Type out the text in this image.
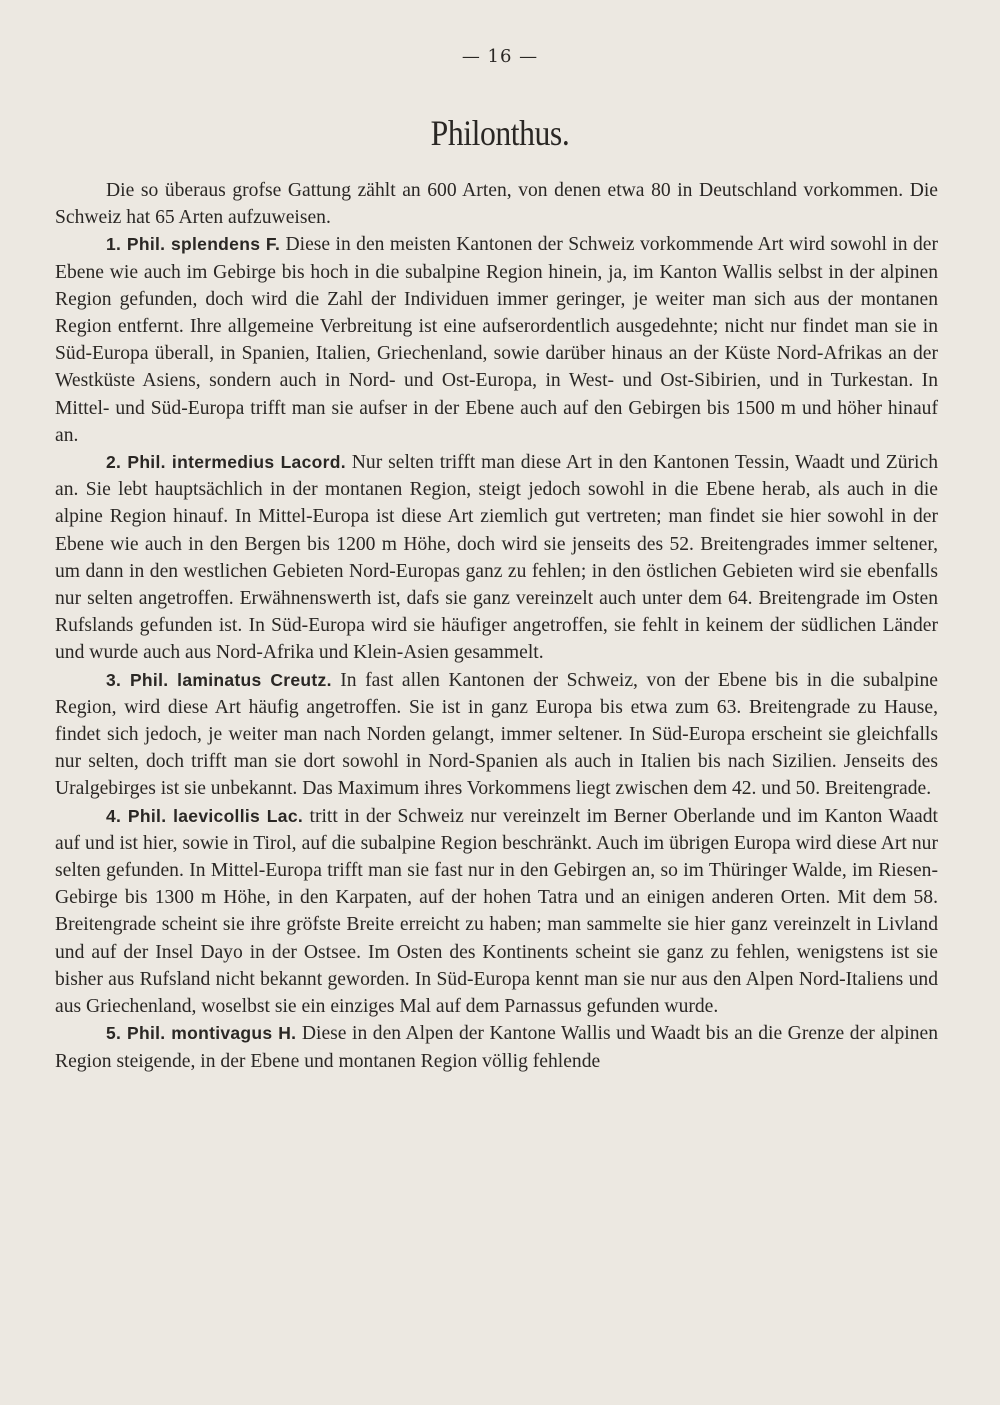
— 16 —
Philonthus.

Die so überaus grofse Gattung zählt an 600 Arten, von denen etwa 80 in Deutschland vorkommen. Die Schweiz hat 65 Arten aufzuweisen.

1. Phil. splendens F. Diese in den meisten Kantonen der Schweiz vorkommende Art wird sowohl in der Ebene wie auch im Gebirge bis hoch in die subalpine Region hinein, ja, im Kanton Wallis selbst in der alpinen Region gefunden, doch wird die Zahl der Individuen immer geringer, je weiter man sich aus der montanen Region entfernt. Ihre allgemeine Verbreitung ist eine aufserordentlich ausgedehnte; nicht nur findet man sie in Süd-Europa überall, in Spanien, Italien, Griechenland, sowie darüber hinaus an der Küste Nord-Afrikas an der Westküste Asiens, sondern auch in Nord- und Ost-Europa, in West- und Ost-Sibirien, und in Turkestan. In Mittel- und Süd-Europa trifft man sie aufser in der Ebene auch auf den Gebirgen bis 1500 m und höher hinauf an.

2. Phil. intermedius Lacord. Nur selten trifft man diese Art in den Kantonen Tessin, Waadt und Zürich an. Sie lebt hauptsächlich in der montanen Region, steigt jedoch sowohl in die Ebene herab, als auch in die alpine Region hinauf. In Mittel-Europa ist diese Art ziemlich gut vertreten; man findet sie hier sowohl in der Ebene wie auch in den Bergen bis 1200 m Höhe, doch wird sie jenseits des 52. Breitengrades immer seltener, um dann in den westlichen Gebieten Nord-Europas ganz zu fehlen; in den östlichen Gebieten wird sie ebenfalls nur selten angetroffen. Erwähnenswerth ist, dafs sie ganz vereinzelt auch unter dem 64. Breitengrade im Osten Rufslands gefunden ist. In Süd-Europa wird sie häufiger angetroffen, sie fehlt in keinem der südlichen Länder und wurde auch aus Nord-Afrika und Klein-Asien gesammelt.

3. Phil. laminatus Creutz. In fast allen Kantonen der Schweiz, von der Ebene bis in die subalpine Region, wird diese Art häufig angetroffen. Sie ist in ganz Europa bis etwa zum 63. Breitengrade zu Hause, findet sich jedoch, je weiter man nach Norden gelangt, immer seltener. In Süd-Europa erscheint sie gleichfalls nur selten, doch trifft man sie dort sowohl in Nord-Spanien als auch in Italien bis nach Sizilien. Jenseits des Uralgebirges ist sie unbekannt. Das Maximum ihres Vorkommens liegt zwischen dem 42. und 50. Breitengrade.

4. Phil. laevicollis Lac. tritt in der Schweiz nur vereinzelt im Berner Oberlande und im Kanton Waadt auf und ist hier, sowie in Tirol, auf die subalpine Region beschränkt. Auch im übrigen Europa wird diese Art nur selten gefunden. In Mittel-Europa trifft man sie fast nur in den Gebirgen an, so im Thüringer Walde, im Riesen-Gebirge bis 1300 m Höhe, in den Karpaten, auf der hohen Tatra und an einigen anderen Orten. Mit dem 58. Breitengrade scheint sie ihre gröfste Breite erreicht zu haben; man sammelte sie hier ganz vereinzelt in Livland und auf der Insel Dayo in der Ostsee. Im Osten des Kontinents scheint sie ganz zu fehlen, wenigstens ist sie bisher aus Rufsland nicht bekannt geworden. In Süd-Europa kennt man sie nur aus den Alpen Nord-Italiens und aus Griechenland, woselbst sie ein einziges Mal auf dem Parnassus gefunden wurde.

5. Phil. montivagus H. Diese in den Alpen der Kantone Wallis und Waadt bis an die Grenze der alpinen Region steigende, in der Ebene und montanen Region völlig fehlende
